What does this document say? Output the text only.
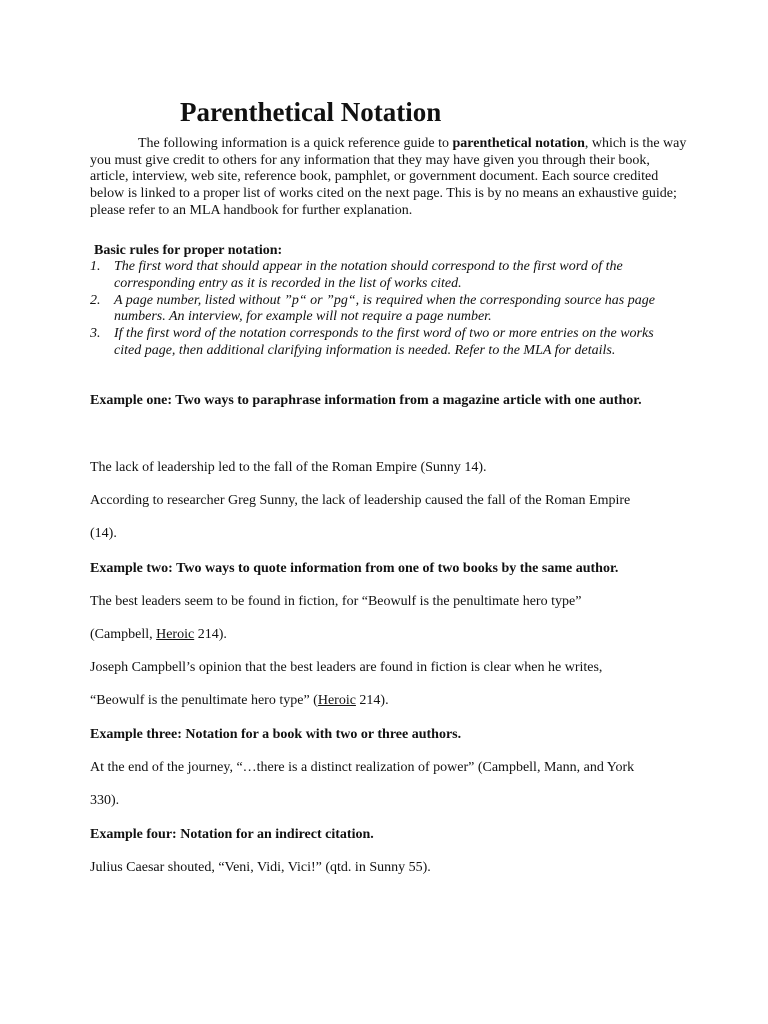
Parenthetical Notation

The following information is a quick reference guide to parenthetical notation, which is the way you must give credit to others for any information that they may have given you through their book, article, interview, web site, reference book, pamphlet, or government document. Each source credited below is linked to a proper list of works cited on the next page. This is by no means an exhaustive guide; please refer to an MLA handbook for further explanation.

Basic rules for proper notation:

1. The first word that should appear in the notation should correspond to the first word of the corresponding entry as it is recorded in the list of works cited.
2. A page number, listed without ”p“ or ”pg“, is required when the corresponding source has page numbers. An interview, for example will not require a page number.
3. If the first word of the notation corresponds to the first word of two or more entries on the works cited page, then additional clarifying information is needed. Refer to the MLA for details.

Example one: Two ways to paraphrase information from a magazine article with one author.

The lack of leadership led to the fall of the Roman Empire (Sunny 14).

According to researcher Greg Sunny, the lack of leadership caused the fall of the Roman Empire

(14).

Example two: Two ways to quote information from one of two books by the same author.

The best leaders seem to be found in fiction, for “Beowulf is the penultimate hero type”

(Campbell, Heroic 214).

Joseph Campbell’s opinion that the best leaders are found in fiction is clear when he writes,

“Beowulf is the penultimate hero type” (Heroic 214).

Example three: Notation for a book with two or three authors.

At the end of the journey, “…there is a distinct realization of power” (Campbell, Mann, and York

330).

Example four: Notation for an indirect citation.

Julius Caesar shouted, “Veni, Vidi, Vici!” (qtd. in Sunny 55).
